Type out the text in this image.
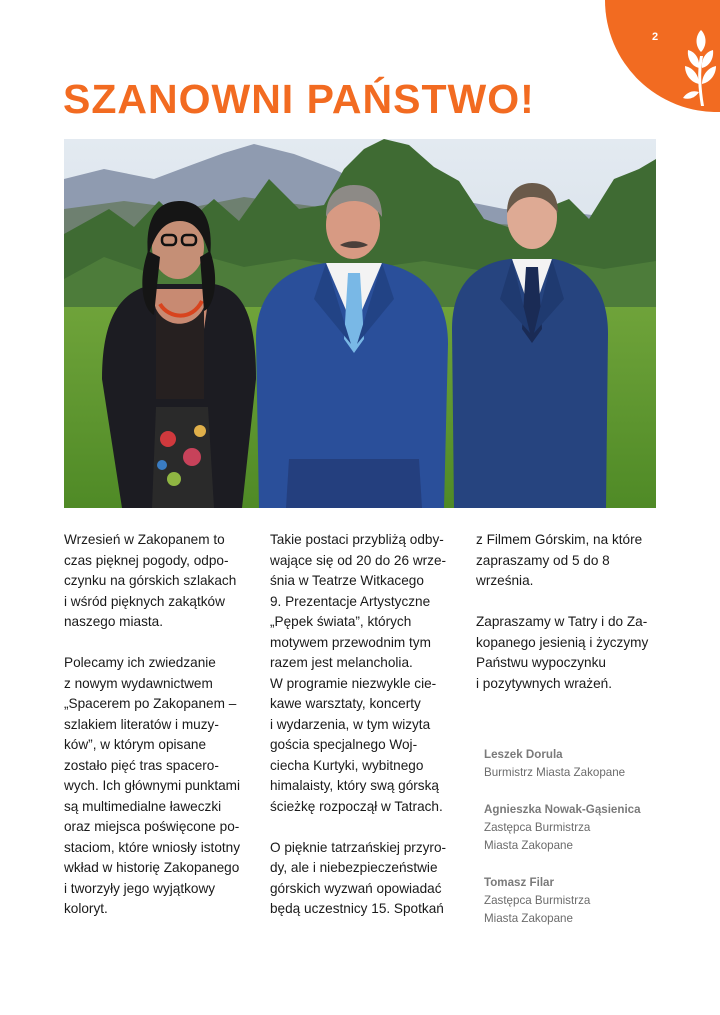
2
SZANOWNI PAŃSTWO!

Wrzesień w Zakopanem to
czas pięknej pogody, odpo-
czynku na górskich szlakach
i wśród pięknych zakątków
naszego miasta.

Polecamy ich zwiedzanie
z nowym wydawnictwem
„Spacerem po Zakopanem –
szlakiem literatów i muzy-
ków”, w którym opisane
zostało pięć tras spacero-
wych. Ich głównymi punktami
są multimedialne ławeczki
oraz miejsca poświęcone po-
staciom, które wniosły istotny
wkład w historię Zakopanego
i tworzyły jego wyjątkowy
koloryt.

Takie postaci przybliżą odby-
wające się od 20 do 26 wrze-
śnia w Teatrze Witkacego
9. Prezentacje Artystyczne
„Pępek świata”, których
motywem przewodnim tym
razem jest melancholia.
W programie niezwykle cie-
kawe warsztaty, koncerty
i wydarzenia, w tym wizyta
gościa specjalnego Woj-
ciecha Kurtyki, wybitnego
himalaisty, który swą górską
ścieżkę rozpoczął w Tatrach.

O pięknie tatrzańskiej przyro-
dy, ale i niebezpieczeństwie
górskich wyzwań opowiadać
będą uczestnicy 15. Spotkań

z Filmem Górskim, na które
zapraszamy od 5 do 8
września.

Zapraszamy w Tatry i do Za-
kopanego jesienią i życzymy
Państwu wypoczynku
i pozytywnych wrażeń.

Leszek Dorula
Burmistrz Miasta Zakopane
Agnieszka Nowak-Gąsienica
Zastępca Burmistrza
Miasta Zakopane
Tomasz Filar
Zastępca Burmistrza
Miasta Zakopane
